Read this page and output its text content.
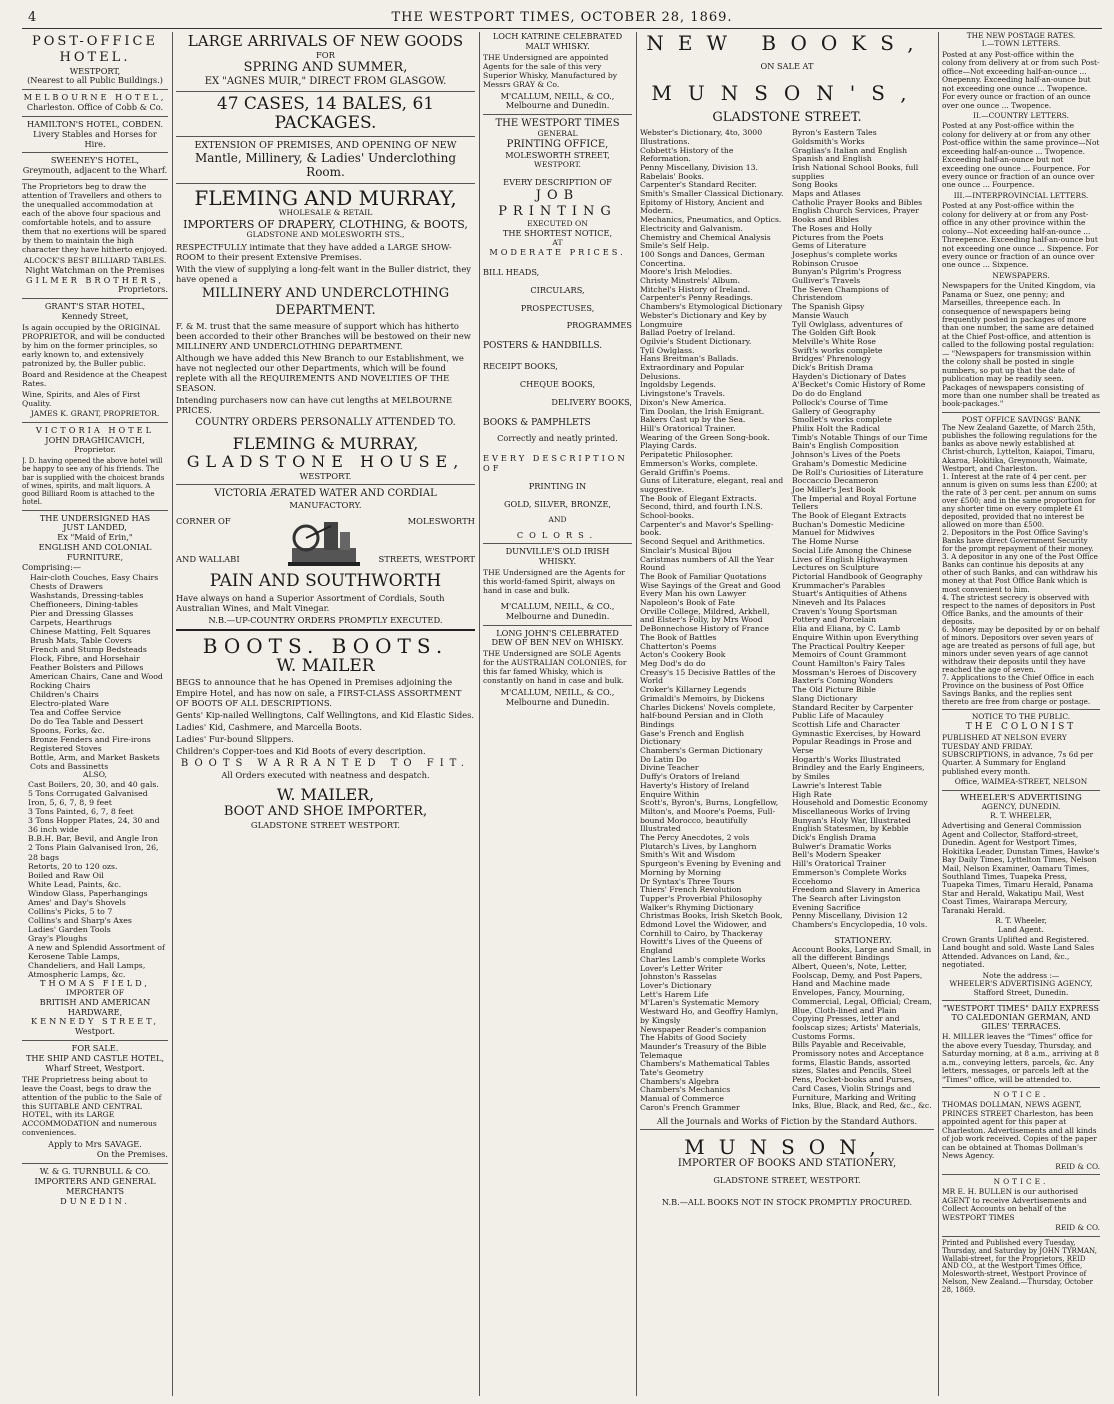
4	THE WESTPORT TIMES, OCTOBER 28, 1869.
POST-OFFICE HOTEL.
WESTPORT,
(Nearest to all Public Buildings.)
MELBOURNE HOTEL,
Charleston. Office of Cobb & Co.
HAMILTON'S HOTEL, COBDEN. Livery Stables and Horses for Hire.
SWEENEY'S HOTEL,
Greymouth, adjacent to the Wharf.

The Proprietors beg to draw the attention of Travellers and others to the unequalled accommodation at each of the above four spacious and comfortable hotels, and to assure them that no exertions will be spared by them to maintain the high character they have hitherto enjoyed.

ALCOCK'S BEST BILLIARD TABLES.
Night Watchman on the Premises
GILMER BROTHERS,
Proprietors.
GRANT'S STAR HOTEL,
Kennedy Street,

Is again occupied by the ORIGINAL PROPRIETOR, and will be conducted by him on the former principles, so early known to, and extensively patronized by, the Buller public.

Board and Residence at the Cheapest Rates.

Wine, Spirits, and Ales of First Quality.

JAMES K. GRANT, PROPRIETOR.
VICTORIA HOTEL
JOHN DRAGHICAVICH,
Proprietor.

J. D. having opened the above hotel will be happy to see any of his friends. The bar is supplied with the choicest brands of wines, spirits, and malt liquors. A good Billiard Room is attached to the hotel.

THE UNDERSIGNED HAS
JUST LANDED,
Ex "Maid of Erin,"
ENGLISH AND COLONIAL
FURNITURE,
Comprising:—
Hair-cloth Couches, Easy Chairs
Chests of Drawers
Washstands, Dressing-tables
Cheffioneers, Dining-tables
Pier and Dressing Glasses
Carpets, Hearthrugs
Chinese Matting, Felt Squares
Brush Mats, Table Covers
French and Stump Bedsteads
Flock, Fibre, and Horsehair
Feather Bolsters and Pillows
American Chairs, Cane and Wood
Rocking Chairs
Children's Chairs
Electro-plated Ware
Tea and Coffee Service
Do do Tea Table and Dessert Spoons, Forks, &c.
Bronze Fenders and Fire-irons
Registered Stoves
Bottle, Arm, and Market Baskets
Cots and Bassinetts
ALSO,
Cast Boilers, 20, 30, and 40 gals.
5 Tons Corrugated Galvanised Iron, 5, 6, 7, 8, 9 feet
3 Tons Painted, 6, 7, 8 feet
3 Tons Hopper Plates, 24, 30 and 36 inch wide
B.B.H. Bar, Bevil, and Angle Iron
2 Tons Plain Galvanised Iron, 26, 28 bags
Retorts, 20 to 120 ozs.
Boiled and Raw Oil
White Lead, Paints, &c.
Window Glass, Paperhangings
Ames' and Day's Shovels
Collins's Picks, 5 to 7
Collins's and Sharp's Axes
Ladies' Garden Tools
Gray's Ploughs
A new and Splendid Assortment of Kerosene Table Lamps, Chandeliers, and Hall Lamps, Atmospheric Lamps, &c.
THOMAS FIELD,
IMPORTER OF
BRITISH AND AMERICAN
HARDWARE,
KENNEDY STREET,
Westport.
FOR SALE.
THE SHIP AND CASTLE HOTEL,
Wharf Street, Westport.

THE Proprietress being about to leave the Coast, begs to draw the attention of the public to the Sale of this SUITABLE AND CENTRAL HOTEL, with its LARGE ACCOMMODATION and numerous conveniences.

Apply to Mrs SAVAGE.
On the Premises.
W. & G. TURNBULL & CO.
IMPORTERS AND GENERAL
MERCHANTS
DUNEDIN.
LARGE ARRIVALS OF NEW GOODS
FOR
SPRING AND SUMMER,
EX "AGNES MUIR," DIRECT FROM GLASGOW.
47 CASES, 14 BALES, 61 PACKAGES.
EXTENSION OF PREMISES, AND OPENING OF NEW
Mantle, Millinery, & Ladies' Underclothing Room.
FLEMING AND MURRAY,
WHOLESALE & RETAIL
IMPORTERS OF DRAPERY, CLOTHING, & BOOTS,
GLADSTONE AND MOLESWORTH STS.,

RESPECTFULLY intimate that they have added a LARGE SHOW-ROOM to their present Extensive Premises.

With the view of supplying a long-felt want in the Buller district, they have opened a

MILLINERY AND UNDERCLOTHING DEPARTMENT.

F. & M. trust that the same measure of support which has hitherto been accorded to their other Branches will be bestowed on their new MILLINERY AND UNDERCLOTHING DEPARTMENT.

Although we have added this New Branch to our Establishment, we have not neglected our other Departments, which will be found replete with all the REQUIREMENTS AND NOVELTIES OF THE SEASON.

Intending purchasers now can have cut lengths at MELBOURNE PRICES.

COUNTRY ORDERS PERSONALLY ATTENDED TO.
FLEMING & MURRAY,
GLADSTONE HOUSE,
WESTPORT.
VICTORIA ÆRATED WATER AND CORDIAL
MANUFACTORY.
CORNER OF	MOLESWORTH
AND WALLABI	STREETS, WESTPORT
PAIN AND SOUTHWORTH

Have always on hand a Superior Assortment of Cordials, South Australian Wines, and Malt Vinegar.

N.B.—UP-COUNTRY ORDERS PROMPTLY EXECUTED.
BOOTS. BOOTS.
W. MAILER

BEGS to announce that he has Opened in Premises adjoining the Empire Hotel, and has now on sale, a FIRST-CLASS ASSORTMENT OF BOOTS OF ALL DESCRIPTIONS.

Gents' Kip-nailed Wellingtons, Calf Wellingtons, and Kid Elastic Sides.

Ladies' Kid, Cashmere, and Marcella Boots.

Ladies' Fur-bound Slippers.

Children's Copper-toes and Kid Boots of every description.

BOOTS WARRANTED TO FIT.
All Orders executed with neatness and despatch.
W. MAILER,
BOOT AND SHOE IMPORTER,
GLADSTONE STREET WESTPORT.
LOCH KATRINE CELEBRATED
MALT WHISKY.

THE Undersigned are appointed Agents for the sale of this very Superior Whisky, Manufactured by Messrs GRAY & Co.

M'CALLUM, NEILL, & CO.,
Melbourne and Dunedin.
THE WESTPORT TIMES
GENERAL
PRINTING OFFICE,
MOLESWORTH STREET,
WESTPORT.
EVERY DESCRIPTION OF
JOB PRINTING
EXECUTED ON
THE SHORTEST NOTICE,
AT
MODERATE PRICES.
BILL HEADS,
CIRCULARS,
PROSPECTUSES,
PROGRAMMES
POSTERS & HANDBILLS.
RECEIPT BOOKS,
CHEQUE BOOKS,
DELIVERY BOOKS,
BOOKS & PAMPHLETS
Correctly and neatly printed.
EVERY DESCRIPTION OF
PRINTING IN
GOLD, SILVER, BRONZE,
AND
COLORS.
DUNVILLE'S OLD IRISH
WHISKY.

THE Undersigned are the Agents for this world-famed Spirit, always on hand in case and bulk.

M'CALLUM, NEILL, & CO.,
Melbourne and Dunedin.
LONG JOHN'S CELEBRATED
DEW OF BEN NEV on WHISKY.

THE Undersigned are SOLE Agents for the AUSTRALIAN COLONIES, for this far famed Whisky, which is constantly on hand in case and bulk.

M'CALLUM, NEILL, & CO.,
Melbourne and Dunedin.
NEW BOOKS,
ON SALE AT
MUNSON'S,
GLADSTONE STREET.
Webster's Dictionary, 4to, 3000 Illustrations.
Cobbett's History of the Reformation.
Penny Miscellany, Division 13.
Rabelais' Books.
Carpenter's Standard Reciter.
Smith's Smaller Classical Dictionary.
Epitomy of History, Ancient and Modern.
Mechanics, Pneumatics, and Optics.
Electricity and Galvanism.
Chemistry and Chemical Analysis
Smile's Self Help.
100 Songs and Dances, German Concertina.
Moore's Irish Melodies.
Christy Minstrels' Album.
Mitchel's History of Ireland.
Carpenter's Penny Readings.
Chambers's Etymological Dictionary
Webster's Dictionary and Key by Longmuire
Ballad Poetry of Ireland.
Ogilvie's Student Dictionary.
Tyll Owlglass.
Hans Breitman's Ballads.
Extraordinary and Popular Delusions.
Ingoldsby Legends.
Livingstone's Travels.
Dixon's New America.
Tim Doolan, the Irish Emigrant.
Bakers Cast up by the Sea.
Hill's Oratorical Trainer.
Wearing of the Green Song-book.
Playing Cards.
Peripatetic Philosopher.
Emmerson's Works, complete.
Gerald Griffin's Poems.
Guns of Literature, elegant, real and suggestive.
The Book of Elegant Extracts.
Second, third, and fourth I.N.S. School-books.
Carpenter's and Mavor's Spelling-book.
Second Sequel and Arithmetics.
Sinclair's Musical Bijou
Caristmas numbers of All the Year Round
The Book of Familiar Quotations
Wise Sayings of the Great and Good
Every Man his own Lawyer
Napoleon's Book of Fate
Orville College, Mildred, Arkhell, and Elster's Folly, by Mrs Wood
DeBonnechose History of France
The Book of Battles
Chatterton's Poems
Acton's Cookery Book
Meg Dod's do do
Creasy's 15 Decisive Battles of the World
Croker's Killarney Legends
Grimaldi's Memoirs, by Dickens
Charles Dickens' Novels complete, half-bound Persian and in Cloth Bindings
Gase's French and English Dictionary
Chambers's German Dictionary
Do Latin Do
Divine Teacher
Duffy's Orators of Ireland
Haverty's History of Ireland
Enquire Within
Scott's, Byron's, Burns, Longfellow, Milton's, and Moore's Poems, Full-bound Morocco, beautifully Illustrated
The Percy Anecdotes, 2 vols
Plutarch's Lives, by Langhorn
Smith's Wit and Wisdom
Spurgeon's Evening by Evening and Morning by Morning
Dr Syntax's Three Tours
Thiers' French Revolution
Tupper's Proverbial Philosophy
Walker's Rhyming Dictionary
Christmas Books, Irish Sketch Book, Edmond Lovel the Widower, and Cornhill to Cairo, by Thackeray
Howitt's Lives of the Queens of England
Charles Lamb's complete Works
Lover's Letter Writer
Johnston's Rasselas
Lover's Dictionary
Lett's Harem Life
M'Laren's Systematic Memory
Westward Ho, and Geoffry Hamlyn, by Kingsly
Newspaper Reader's companion
The Habits of Good Society
Maunder's Treasury of the Bible
Telemaque
Chambers's Mathematical Tables
Tate's Geometry
Chambers's Algebra
Chambers's Mechanics
Manual of Commerce
Caron's French Grammer
Byron's Eastern Tales
Goldsmith's Works
Graglias's Italian and English
Spanish and English
Irish National School Books, full supplies
Song Books
Maps and Atlases
Catholic Prayer Books and Bibles
English Church Services, Prayer Books and Bibles
The Roses and Holly
Pictures from the Poets
Gems of Literature
Josephus's complete works
Robinson Crusoe
Bunyan's Pilgrim's Progress
Gulliver's Travels
The Seven Champions of Christendom
The Spanish Gipsy
Mansie Wauch
Tyll Owlglass, adventures of
The Golden Gift Book
Melville's White Rose
Swift's works complete
Bridges' Phrenology
Dick's British Drama
Hayden's Dictionary of Dates
A'Becket's Comic History of Rome
Do do do England
Pollock's Course of Time
Gallery of Geography
Smollet's works complete
Philix Holt the Radical
Timb's Notable Things of our Time
Bain's English Composition
Johnson's Lives of the Poets
Graham's Domestic Medicine
De Roll's Curiosities of Literature
Boccaccio Decameron
Joe Miller's Jest Book
The Imperial and Royal Fortune Tellers
The Book of Elegant Extracts
Buchan's Domestic Medicine
Manuel for Midwives
The Home Nurse
Social Life Among the Chinese
Lives of English Highwaymen
Lectures on Sculpture
Pictorial Handbook of Geography
Krummacher's Parables
Stuart's Antiquities of Athens
Nineveh and Its Palaces
Craven's Young Sportsman
Pottery and Porcelain
Elia and Eliana, by C. Lamb
Enquire Within upon Everything
The Practical Poultry Keeper
Memoirs of Count Grammont
Count Hamilton's Fairy Tales
Mossman's Heroes of Discovery
Baxter's Coming Wonders
The Old Picture Bible
Slang Dictionary
Standard Reciter by Carpenter
Public Life of Macauley
Scottish Life and Character
Gymnastic Exercises, by Howard
Popular Readings in Prose and Verse
Hogarth's Works Illustrated
Brindley and the Early Engineers, by Smiles
Lawrie's Interest Table
High Rate
Household and Domestic Economy
Miscellaneous Works of Irving
Bunyan's Holy War, Illustrated
English Statesmen, by Kebble
Dick's English Drama
Bulwer's Dramatic Works
Bell's Modern Speaker
Hill's Oratorical Trainer
Emmerson's Complete Works
Eccehomo
Freedom and Slavery in America
The Search after Livingston
Evening Sacrifice
Penny Miscellany, Division 12
Chambers's Encyclopedia, 10 vols.
STATIONERY.
Account Books, Large and Small, in all the different Bindings
Albert, Queen's, Note, Letter, Foolscap, Demy, and Post Papers, Hand and Machine made
Envelopes, Fancy, Mourning, Commercial, Legal, Official; Cream, Blue, Cloth-lined and Plain
Copying Presses, letter and foolscap sizes; Artists' Materials, Customs Forms.
Bills Payable and Receivable, Promissory notes and Acceptance forms, Elastic Bands, assorted sizes, Slates and Pencils, Steel Pens, Pocket-books and Purses, Card Cases, Violin Strings and Furniture, Marking and Writing Inks, Blue, Black, and Red, &c., &c.
All the Journals and Works of Fiction by the Standard Authors.
MUNSON,
IMPORTER OF BOOKS AND STATIONERY,
GLADSTONE STREET, WESTPORT.
N.B.—ALL BOOKS NOT IN STOCK PROMPTLY PROCURED.
THE NEW POSTAGE RATES.
I.—TOWN LETTERS.

Posted at any Post-office within the colony from delivery at or from such Post-office—Not exceeding half-an-ounce ... Onepenny. Exceeding half-an-ounce but not exceeding one ounce ... Twopence. For every ounce or fraction of an ounce over one ounce ... Twopence.

II.—COUNTRY LETTERS.

Posted at any Post-office within the colony for delivery at or from any other Post-office within the same province—Not exceeding half-an-ounce ... Twopence. Exceeding half-an-ounce but not exceeding one ounce ... Fourpence. For every ounce or fraction of an ounce over one ounce ... Fourpence.

III.—INTERPROVINCIAL LETTERS.

Posted at any Post-office within the colony for delivery at or from any Post-office in any other province within the colony—Not exceeding half-an-ounce ... Threepence. Exceeding half-an-ounce but not exceeding one ounce ... Sixpence. For every ounce or fraction of an ounce over one ounce ... Sixpence.

NEWSPAPERS.

Newspapers for the United Kingdom, via Panama or Suez, one penny; and Marseilles, threepence each. In consequence of newspapers being frequently posted in packages of more than one number, the same are detained at the Chief Post-office, and attention is called to the following postal regulation:— "Newspapers for transmission within the colony shall be posted in single numbers, so put up that the date of publication may be readily seen. Packages of newspapers consisting of more than one number shall be treated as book-packages."

POST OFFICE SAVINGS' BANK
The New Zealand Gazette, of March 25th, publishes the following regulations for the banks as above newly established at Christ-church, Lyttelton, Kaiapoi, Timaru, Akaroa, Hokitika, Greymouth, Waimate, Westport, and Charleston.
1. Interest at the rate of 4 per cent. per annum is given on sums less than £200; at the rate of 3 per cent. per annum on sums over £500; and in the same proportion for any shorter time on every complete £1 deposited, provided that no interest be allowed on more than £500.
2. Depositors in the Post Office Saving's Banks have direct Government Security for the prompt repayment of their money.
3. A depositor in any one of the Post Office Banks can continue his deposits at any other of such Banks, and can withdraw his money at that Post Office Bank which is most convenient to him.
4. The strictest secrecy is observed with respect to the names of depositors in Post Office Banks, and the amounts of their deposits.
6. Money may be deposited by or on behalf of minors. Depositors over seven years of age are treated as persons of full age, but minors under seven years of age cannot withdraw their deposits until they have reached the age of seven.
7. Applications to the Chief Office in each Province on the business of Post Office Savings Banks, and the replies sent thereto are free from charge or postage.
NOTICE TO THE PUBLIC.
THE COLONIST

PUBLISHED AT NELSON EVERY TUESDAY AND FRIDAY. SUBSCRIPTIONS, in advance, 7s 6d per Quarter. A Summary for England published every month.

Office, WAIMEA-STREET, NELSON
WHEELER'S ADVERTISING
AGENCY, DUNEDIN.
R. T. WHEELER,

Advertising and General Commission Agent and Collector, Stafford-street, Dunedin. Agent for Westport Times, Hokitika Leader, Dunstan Times, Hawke's Bay Daily Times, Lyttelton Times, Nelson Mail, Nelson Examiner, Oamaru Times, Southland Times, Tuapeka Press, Tuapeka Times, Timaru Herald, Panama Star and Herald, Wakatipu Mail, West Coast Times, Wairarapa Mercury, Taranaki Herald.

R. T. Wheeler,
Land Agent.

Crown Grants Uplifted and Registered. Land bought and sold. Waste Land Sales Attended. Advances on Land, &c., negotiated.

Note the address :—
WHEELER'S ADVERTISING AGENCY,
Stafford Street, Dunedin.
"WESTPORT TIMES" DAILY EXPRESS TO CALEDONIAN GERMAN, AND GILES' TERRACES.

H. MILLER leaves the "Times" office for the above every Tuesday, Thursday, and Saturday morning, at 8 a.m., arriving at 8 a.m., conveying letters, parcels, &c. Any letters, messages, or parcels left at the "Times" office, will be attended to.

NOTICE.

THOMAS DOLLMAN, NEWS AGENT, PRINCES STREET Charleston, has been appointed agent for this paper at Charleston. Advertisements and all kinds of job work received. Copies of the paper can be obtained at Thomas Dollman's News Agency.

REID & CO.
NOTICE.

MR E. H. BULLEN is our authorised AGENT to receive Advertisements and Collect Accounts on behalf of the WESTPORT TIMES

REID & CO.

Printed and Published every Tuesday, Thursday, and Saturday by JOHN TYRMAN, Wallabi-street, for the Proprietors, REID AND CO., at the Westport Times Office, Molesworth-street, Westport Province of Nelson, New Zealand.—Thursday, October 28, 1869.
